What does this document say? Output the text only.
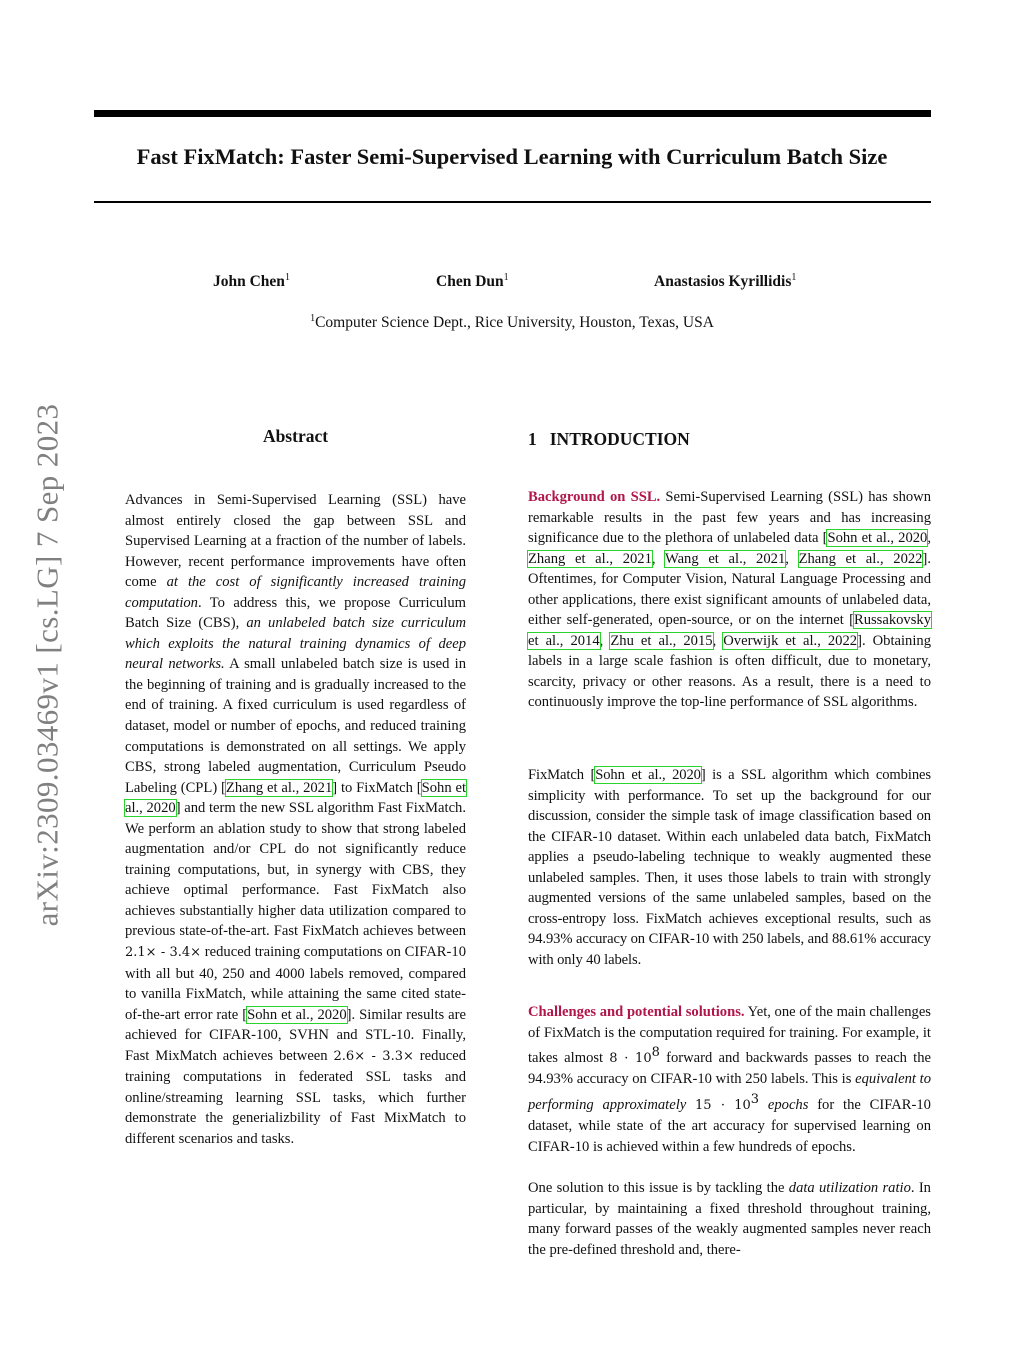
Fast FixMatch: Faster Semi-Supervised Learning with Curriculum Batch Size
John Chen$^1$	Chen Dun$^1$	Anastasios Kyrillidis$^1$
$^1$Computer Science Dept., Rice University, Houston, Texas, USA
arXiv:2309.03469v1 [cs.LG] 7 Sep 2023	Abstract

Advances in Semi-Supervised Learning (SSL) have almost entirely closed the gap between SSL and Supervised Learning at a fraction of the number of labels. However, recent performance improvements have often come at the cost of significantly increased training computation. To address this, we propose Curriculum Batch Size (CBS), an unlabeled batch size curriculum which exploits the natural training dynamics of deep neural networks. A small unlabeled batch size is used in the beginning of training and is gradually increased to the end of training. A fixed curriculum is used regardless of dataset, model or number of epochs, and reduced training computations is demonstrated on all settings. We apply CBS, strong labeled augmentation, Curriculum Pseudo Labeling (CPL) [Zhang et al., 2021] to FixMatch [Sohn et al., 2020] and term the new SSL algorithm Fast FixMatch. We perform an ablation study to show that strong labeled augmentation and/or CPL do not significantly reduce training computations, but, in synergy with CBS, they achieve optimal performance. Fast FixMatch also achieves substantially higher data utilization compared to previous state-of-the-art. Fast FixMatch achieves between 2.1× - 3.4× reduced training computations on CIFAR-10 with all but 40, 250 and 4000 labels removed, compared to vanilla FixMatch, while attaining the same cited state-of-the-art error rate [Sohn et al., 2020]. Similar results are achieved for CIFAR-100, SVHN and STL-10. Finally, Fast MixMatch achieves between 2.6× - 3.3× reduced training computations in federated SSL tasks and online/streaming learning SSL tasks, which further demonstrate the generializbility of Fast MixMatch to different scenarios and tasks.

1 INTRODUCTION

Background on SSL. Semi-Supervised Learning (SSL) has shown remarkable results in the past few years and has increasing significance due to the plethora of unlabeled data [Sohn et al., 2020, Zhang et al., 2021, Wang et al., 2021, Zhang et al., 2022]. Oftentimes, for Computer Vision, Natural Language Processing and other applications, there exist significant amounts of unlabeled data, either self-generated, open-source, or on the internet [Russakovsky et al., 2014, Zhu et al., 2015, Overwijk et al., 2022]. Obtaining labels in a large scale fashion is often difficult, due to monetary, scarcity, privacy or other reasons. As a result, there is a need to continuously improve the top-line performance of SSL algorithms.

FixMatch [Sohn et al., 2020] is a SSL algorithm which combines simplicity with performance. To set up the background for our discussion, consider the simple task of image classification based on the CIFAR-10 dataset. Within each unlabeled data batch, FixMatch applies a pseudo-labeling technique to weakly augmented these unlabeled samples. Then, it uses those labels to train with strongly augmented versions of the same unlabeled samples, based on the cross-entropy loss. FixMatch achieves exceptional results, such as 94.93% accuracy on CIFAR-10 with 250 labels, and 88.61% accuracy with only 40 labels.

Challenges and potential solutions. Yet, one of the main challenges of FixMatch is the computation required for training. For example, it takes almost $8 \cdot 10^8$ forward and backwards passes to reach the 94.93% accuracy on CIFAR-10 with 250 labels. This is equivalent to performing approximately $15 \cdot 10^3$ epochs for the CIFAR-10 dataset, while state of the art accuracy for supervised learning on CIFAR-10 is achieved within a few hundreds of epochs.

One solution to this issue is by tackling the data utilization ratio. In particular, by maintaining a fixed threshold throughout training, many forward passes of the weakly augmented samples never reach the pre-defined threshold and, there-
